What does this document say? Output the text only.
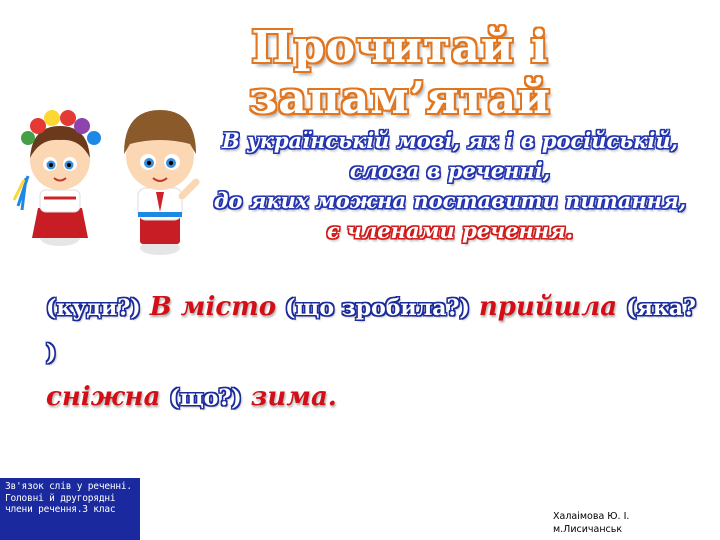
Прочитай і запам’ятай
В українській мові, як і в російській,
слова в реченні,
до яких можна поставити питання,
є членами речення.
(куди?) В місто (що зробила?) прийшла (яка? )
сніжна (що?) зима.
Зв'язок слів у реченні. Головні й другорядні члени речення.3 клас
Халаімова Ю. І.
м.Лисичанськ
